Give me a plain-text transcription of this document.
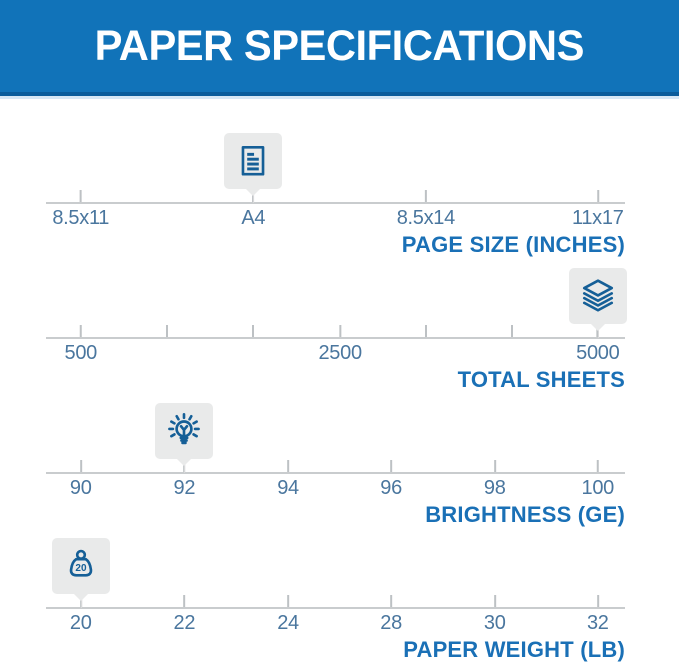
PAPER SPECIFICATIONS
8.5x11	A4	8.5x14	11x17
PAGE SIZE (INCHES)
500	2500	5000
TOTAL SHEETS
90	92	94	96	98	100
BRIGHTNESS (GE)
20	22	24	28	30	32
20
PAPER WEIGHT (LB)
